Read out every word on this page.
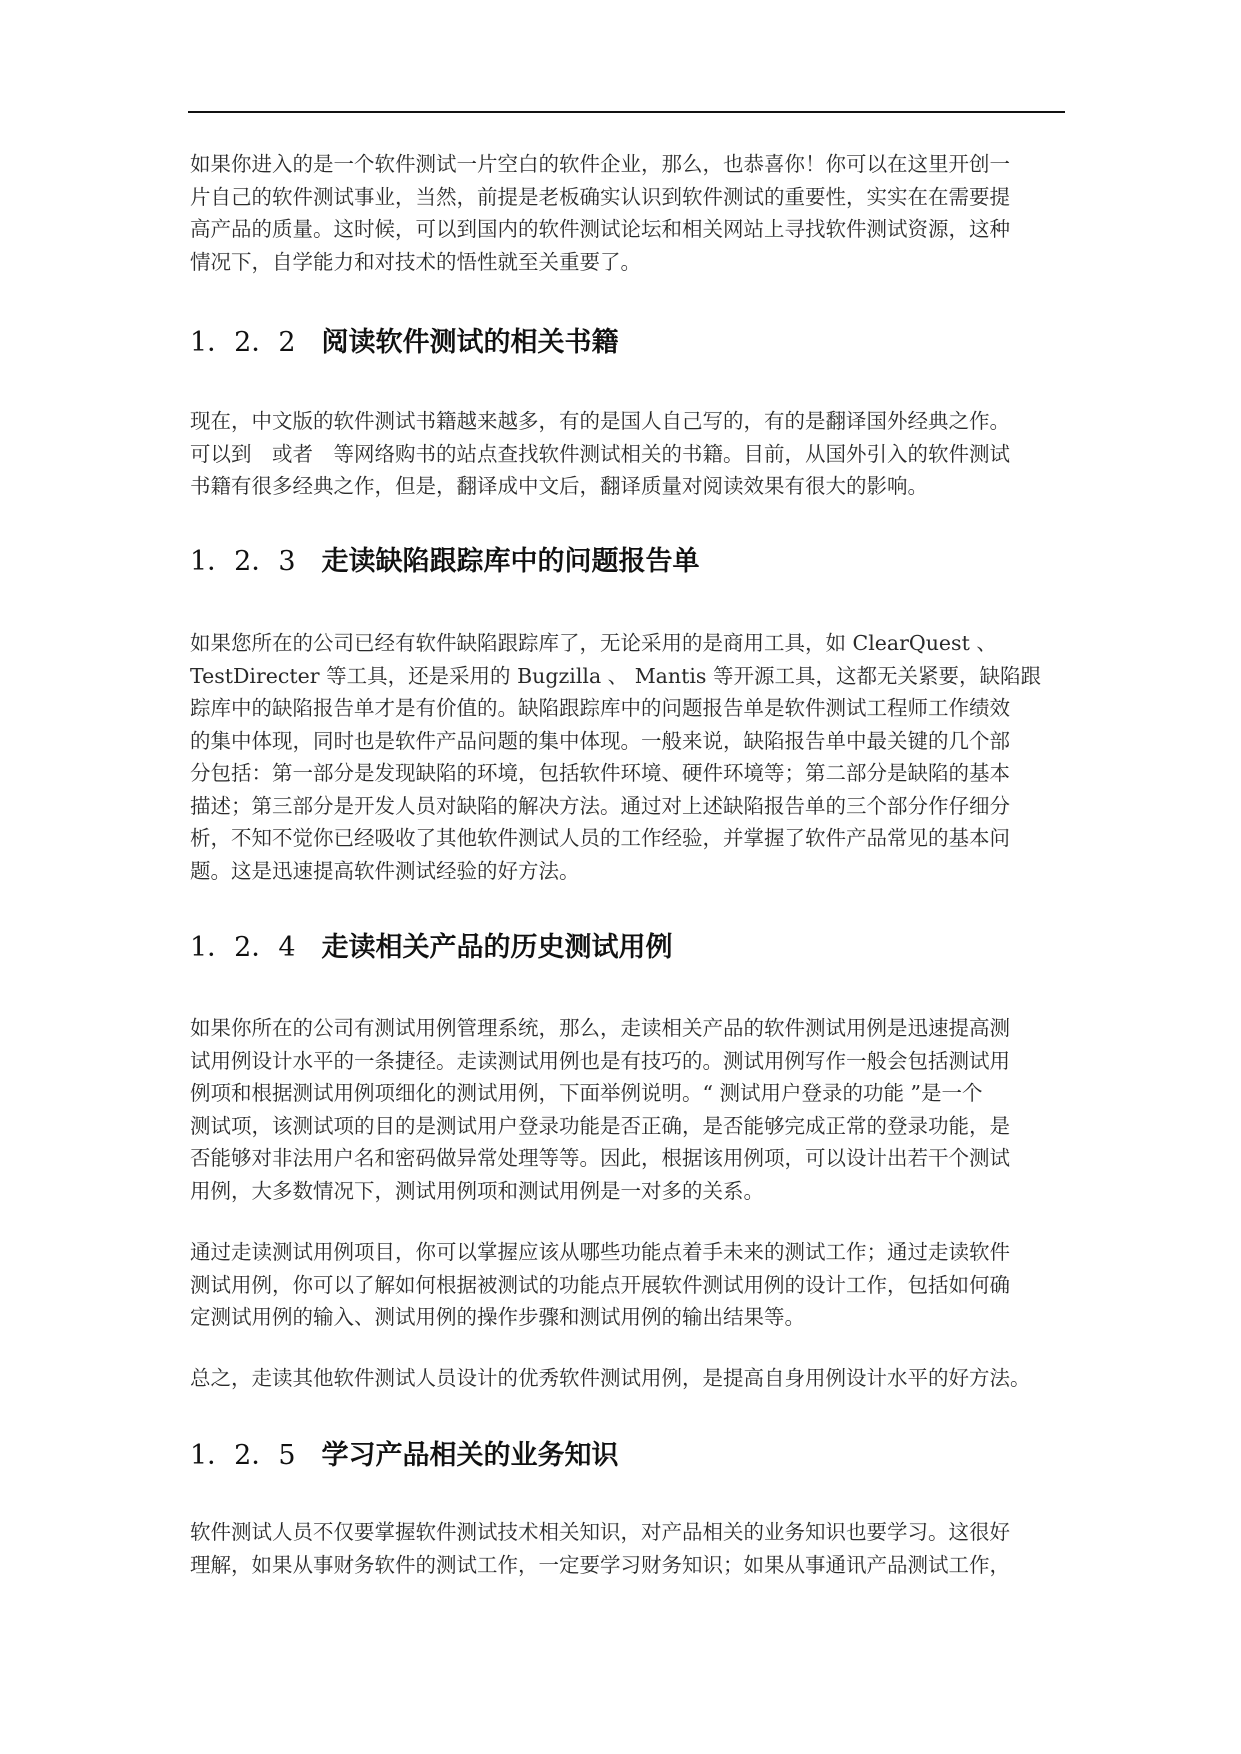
如果你进入的是一个软件测试一片空白的软件企业，那么，也恭喜你！你可以在这里开创一
片自己的软件测试事业，当然，前提是老板确实认识到软件测试的重要性，实实在在需要提
高产品的质量。这时候，可以到国内的软件测试论坛和相关网站上寻找软件测试资源，这种
情况下，自学能力和对技术的悟性就至关重要了。

1．2．2 阅读软件测试的相关书籍

现在，中文版的软件测试书籍越来越多，有的是国人自己写的，有的是翻译国外经典之作。
可以到　或者　等网络购书的站点查找软件测试相关的书籍。目前，从国外引入的软件测试
书籍有很多经典之作，但是，翻译成中文后，翻译质量对阅读效果有很大的影响。

1．2．3 走读缺陷跟踪库中的问题报告单

如果您所在的公司已经有软件缺陷跟踪库了，无论采用的是商用工具，如 ClearQuest 、
TestDirecter 等工具，还是采用的 Bugzilla 、 Mantis 等开源工具，这都无关紧要，缺陷跟
踪库中的缺陷报告单才是有价值的。缺陷跟踪库中的问题报告单是软件测试工程师工作绩效
的集中体现，同时也是软件产品问题的集中体现。一般来说，缺陷报告单中最关键的几个部
分包括：第一部分是发现缺陷的环境，包括软件环境、硬件环境等；第二部分是缺陷的基本
描述；第三部分是开发人员对缺陷的解决方法。通过对上述缺陷报告单的三个部分作仔细分
析，不知不觉你已经吸收了其他软件测试人员的工作经验，并掌握了软件产品常见的基本问
题。这是迅速提高软件测试经验的好方法。

1．2．4 走读相关产品的历史测试用例

如果你所在的公司有测试用例管理系统，那么，走读相关产品的软件测试用例是迅速提高测
试用例设计水平的一条捷径。走读测试用例也是有技巧的。测试用例写作一般会包括测试用
例项和根据测试用例项细化的测试用例，下面举例说明。“ 测试用户登录的功能 ”是一个
测试项，该测试项的目的是测试用户登录功能是否正确，是否能够完成正常的登录功能，是
否能够对非法用户名和密码做异常处理等等。因此，根据该用例项，可以设计出若干个测试
用例，大多数情况下，测试用例项和测试用例是一对多的关系。

通过走读测试用例项目，你可以掌握应该从哪些功能点着手未来的测试工作；通过走读软件
测试用例，你可以了解如何根据被测试的功能点开展软件测试用例的设计工作，包括如何确
定测试用例的输入、测试用例的操作步骤和测试用例的输出结果等。

总之，走读其他软件测试人员设计的优秀软件测试用例，是提高自身用例设计水平的好方法。

1．2．5 学习产品相关的业务知识

软件测试人员不仅要掌握软件测试技术相关知识，对产品相关的业务知识也要学习。这很好
理解，如果从事财务软件的测试工作，一定要学习财务知识；如果从事通讯产品测试工作，
